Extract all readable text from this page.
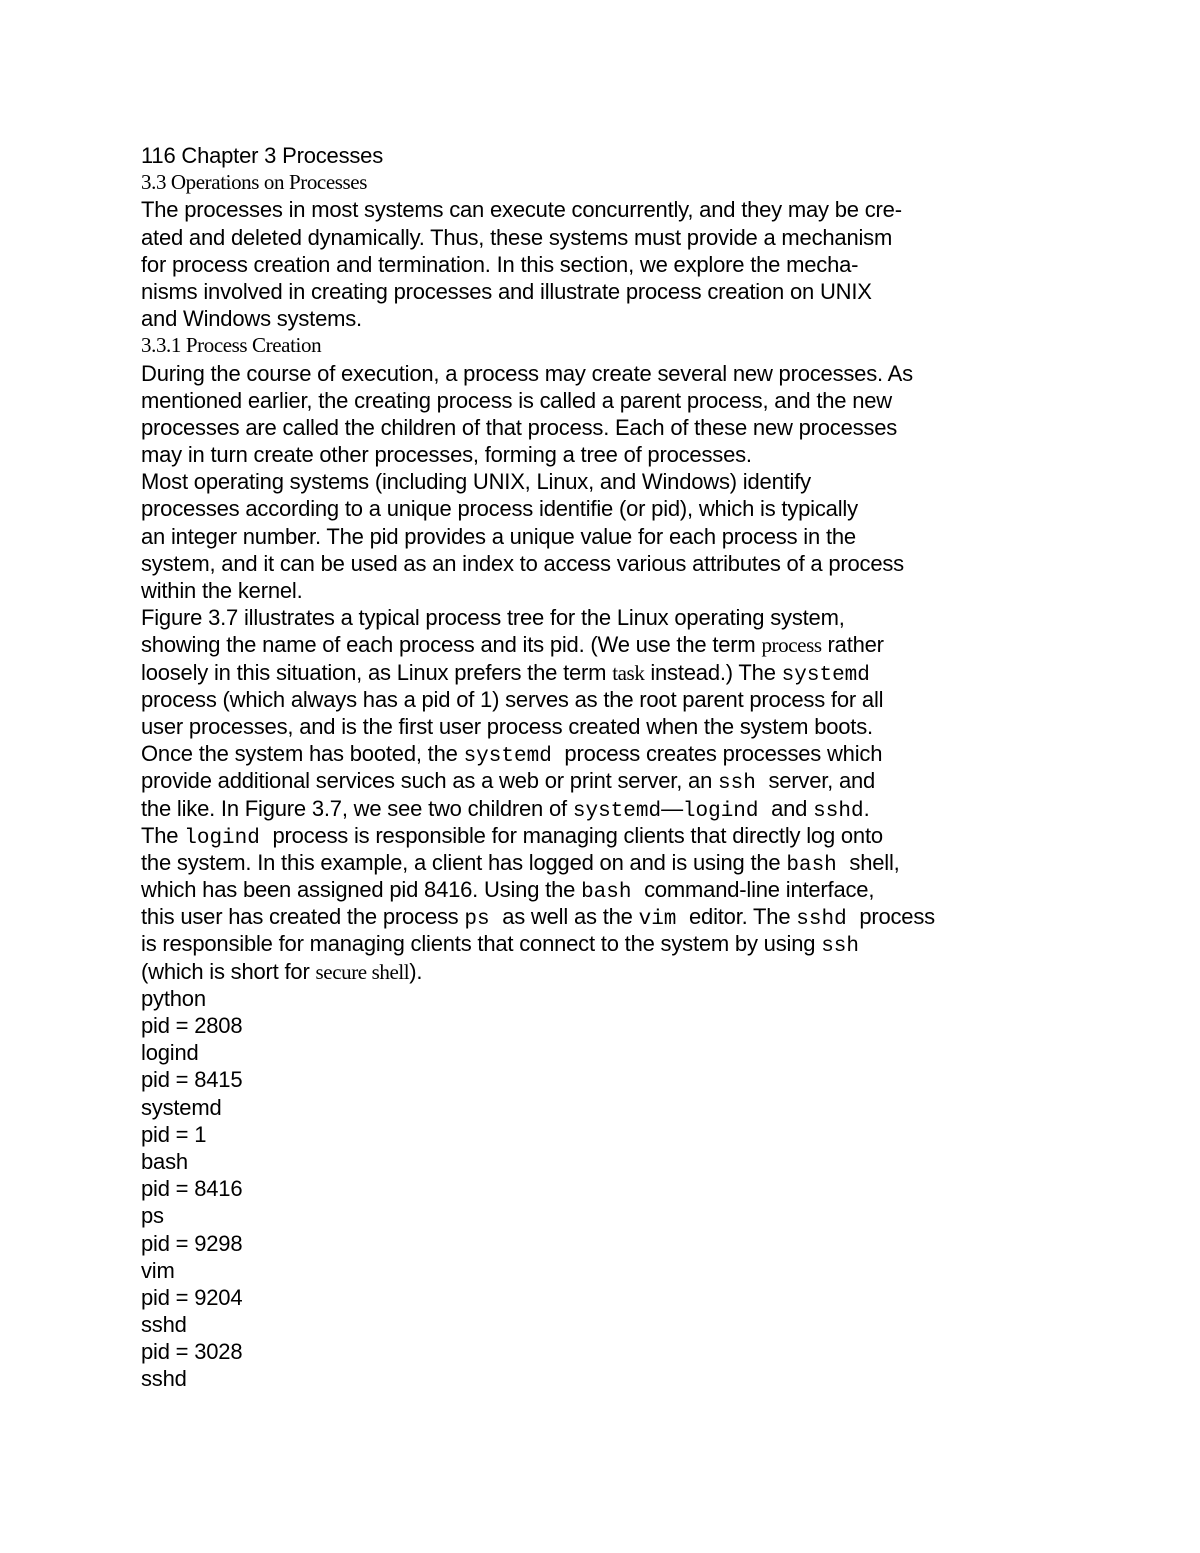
116 Chapter 3 Processes
3.3 Operations on Processes
The processes in most systems can execute concurrently, and they may be cre-
ated and deleted dynamically. Thus, these systems must provide a mechanism
for process creation and termination. In this section, we explore the mecha-
nisms involved in creating processes and illustrate process creation on UNIX
and Windows systems.
3.3.1 Process Creation
During the course of execution, a process may create several new processes. As
mentioned earlier, the creating process is called a parent process, and the new
processes are called the children of that process. Each of these new processes
may in turn create other processes, forming a tree of processes.
Most operating systems (including UNIX, Linux, and Windows) identify
processes according to a unique process identifie (or pid), which is typically
an integer number. The pid provides a unique value for each process in the
system, and it can be used as an index to access various attributes of a process
within the kernel.
Figure 3.7 illustrates a typical process tree for the Linux operating system,
showing the name of each process and its pid. (We use the term process rather
loosely in this situation, as Linux prefers the term task instead.) The systemd
process (which always has a pid of 1) serves as the root parent process for all
user processes, and is the first user process created when the system boots.
Once the system has booted, the systemd process creates processes which
provide additional services such as a web or print server, an ssh server, and
the like. In Figure 3.7, we see two children of systemd—logind and sshd.
The logind process is responsible for managing clients that directly log onto
the system. In this example, a client has logged on and is using the bash shell,
which has been assigned pid 8416. Using the bash command-line interface,
this user has created the process ps as well as the vim editor. The sshd process
is responsible for managing clients that connect to the system by using ssh
(which is short for secure shell).
python
pid = 2808
logind
pid = 8415
systemd
pid = 1
bash
pid = 8416
ps
pid = 9298
vim
pid = 9204
sshd
pid = 3028
sshd
